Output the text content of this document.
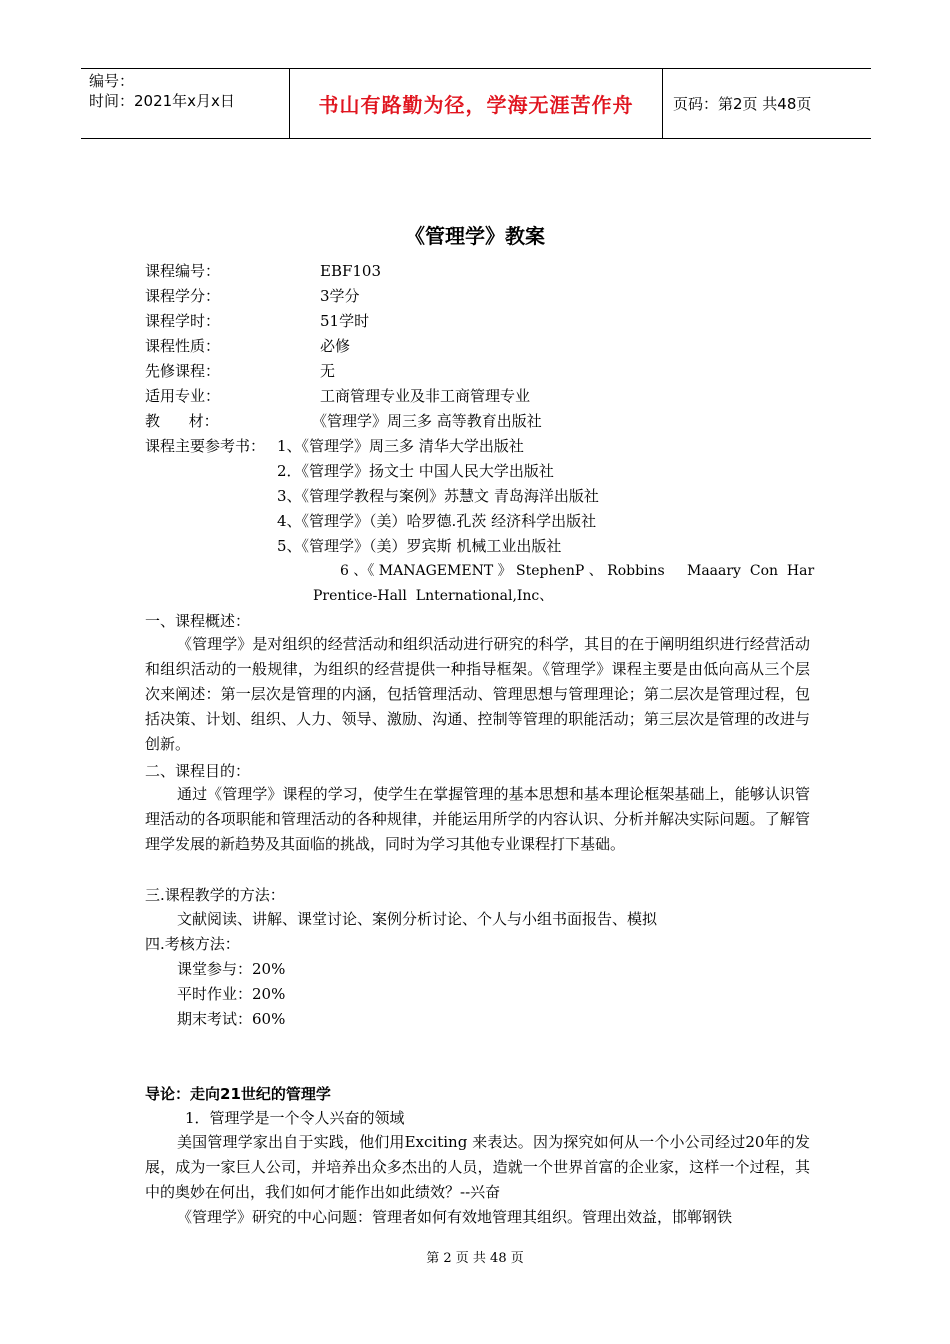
编号：
时间：2021年x月x日	书山有路勤为径，学海无涯苦作舟	页码：第2页 共48页
《管理学》教案
课程编号：	EBF103
课程学分：	3学分
课程学时：	51学时
课程性质：	必修
先修课程：	无
适用专业：	工商管理专业及非工商管理专业
教      材：	《管理学》周三多 高等教育出版社
课程主要参考书： 1、《管理学》周三多 清华大学出版社
2．《管理学》扬文士 中国人民大学出版社
3、《管理学教程与案例》苏慧文 青岛海洋出版社
4、《管理学》（美）哈罗德.孔茨 经济科学出版社
5、《管理学》（美）罗宾斯 机械工业出版社
6 、《 MANAGEMENT 》 StephenP 、 Robbins     Maaary  Con  Har
Prentice-Hall  Lnternational,Inc、
一、课程概述：

《管理学》是对组织的经营活动和组织活动进行研究的科学，其目的在于阐明组织进行经营活动和组织活动的一般规律，为组织的经营提供一种指导框架。《管理学》课程主要是由低向高从三个层次来阐述：第一层次是管理的内涵，包括管理活动、管理思想与管理理论；第二层次是管理过程，包括决策、计划、组织、人力、领导、激励、沟通、控制等管理的职能活动；第三层次是管理的改进与创新。

二、课程目的：

通过《管理学》课程的学习，使学生在掌握管理的基本思想和基本理论框架基础上，能够认识管理活动的各项职能和管理活动的各种规律，并能运用所学的内容认识、分析并解决实际问题。了解管理学发展的新趋势及其面临的挑战，同时为学习其他专业课程打下基础。

三.课程教学的方法：
文献阅读、讲解、课堂讨论、案例分析讨论、个人与小组书面报告、模拟
四.考核方法：
课堂参与：20%
平时作业：20%
期末考试：60%
导论：走向21世纪的管理学
1．管理学是一个令人兴奋的领域

美国管理学家出自于实践，他们用Exciting 来表达。因为探究如何从一个小公司经过20年的发展，成为一家巨人公司，并培养出众多杰出的人员，造就一个世界首富的企业家，这样一个过程，其中的奥妙在何出，我们如何才能作出如此绩效？--兴奋

《管理学》研究的中心问题：管理者如何有效地管理其组织。管理出效益，邯郸钢铁

第 2 页 共 48 页
